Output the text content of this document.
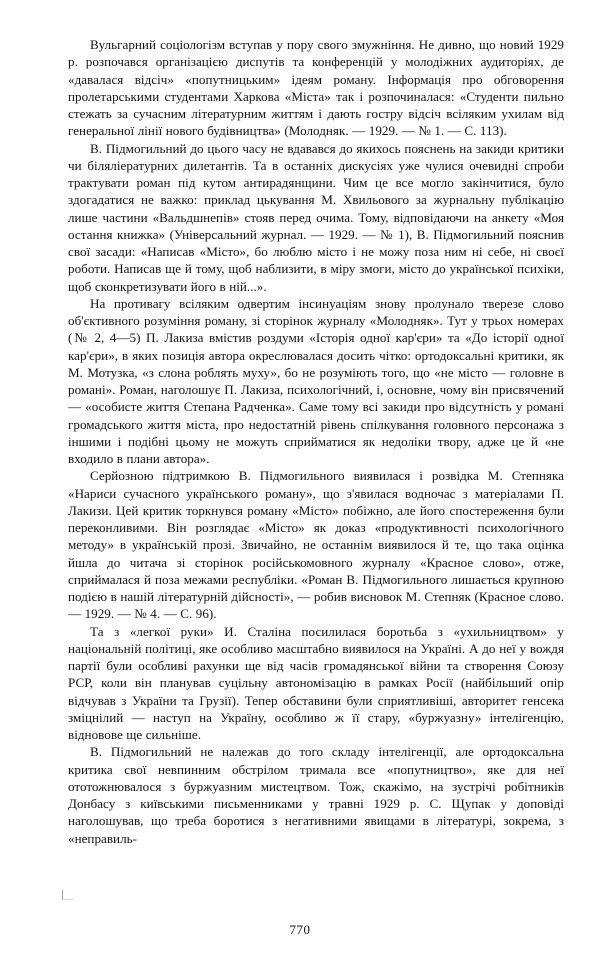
Вульгарний соціологізм вступав у пору свого змужніння. Не дивно, що новий 1929 р. розпочався організацією диспутів та конференцій у молодіжних аудиторіях, де «давалася відсіч» «попутницьким» ідеям роману. Інформація про обговорення пролетарськими студентами Харкова «Міста» так і розпочиналася: «Студенти пильно стежать за сучасним літературним життям і дають гостру відсіч всіляким ухилам від генеральної лінії нового будівництва» (Молодняк. — 1929. — № 1. — С. 113).

В. Підмогильний до цього часу не вдавався до якихось пояснень на закиди критики чи біляліературних дилетантів. Та в останніх дискусіях уже чулися очевидні спроби трактувати роман під кутом антирадянщини. Чим це все могло закінчитися, було здогадатися не важко: приклад цькування М. Хвильового за журнальну публікацію лише частини «Вальдшнепів» стояв перед очима. Тому, відповідаючи на анкету «Моя остання книжка» (Універсальний журнал. — 1929. — № 1), В. Підмогильний пояснив свої засади: «Написав «Місто», бо люблю місто і не можу поза ним ні себе, ні своєї роботи. Написав ще й тому, щоб наблизити, в міру змоги, місто до української психіки, щоб сконкретизувати його в ній...».

На противагу всіляким одвертим інсинуаціям знову пролунало тверезе слово об'єктивного розуміння роману, зі сторінок журналу «Молодняк». Тут у трьох номерах (№ 2, 4—5) П. Лакиза вмістив роздуми «Історія одної кар'єри» та «До історії одної кар'єри», в яких позиція автора окреслювалася досить чітко: ортодоксальні критики, як М. Мотузка, «з слона роблять муху», бо не розуміють того, що «не місто — головне в романі». Роман, наголошує П. Лакиза, психологічний, і, основне, чому він присвячений — «особисте життя Степана Радченка». Саме тому всі закиди про відсутність у романі громадського життя міста, про недостатній рівень спілкування головного персонажа з іншими і подібні цьому не можуть сприйматися як недоліки твору, адже це й «не входило в плани автора».

Серйозною підтримкою В. Підмогильного виявилася і розвідка М. Степняка «Нариси сучасного українського роману», що з'явилася водночас з матеріалами П. Лакизи. Цей критик торкнувся роману «Місто» побіжно, але його спостереження були переконливими. Він розглядає «Місто» як доказ «продуктивності психологічного методу» в українській прозі. Звичайно, не останнім виявилося й те, що така оцінка йшла до читача зі сторінок російськомовного журналу «Красное слово», отже, сприймалася й поза межами республіки. «Роман В. Підмогильного лишається крупною подією в нашій літературній дійсності», — робив висновок М. Степняк (Красное слово. — 1929. — № 4. — С. 96).

Та з «легкої руки» И. Сталіна посилилася боротьба з «ухильництвом» у національній політиці, яке особливо масштабно виявилося на Україні. А до неї у вождя партії були особливі рахунки ще від часів громадянської війни та створення Союзу РСР, коли він планував суцільну автономізацію в рамках Росії (найбільший опір відчував з України та Грузії). Тепер обставини були сприятливіші, авторитет генсека зміцнілий — наступ на Україну, особливо ж її стару, «буржуазну» інтелігенцію, відновове ще сильніше.

В. Підмогильний не належав до того складу інтелігенції, але ортодоксальна критика свої невпинним обстрілом тримала все «попутництво», яке для неї ототожнювалося з буржуазним мистецтвом. Тож, скажімо, на зустрічі робітників Донбасу з київськими письменниками у травні 1929 р. С. Щупак у доповіді наголошував, що треба боротися з негативними явищами в літературі, зокрема, з «неправиль-

770
